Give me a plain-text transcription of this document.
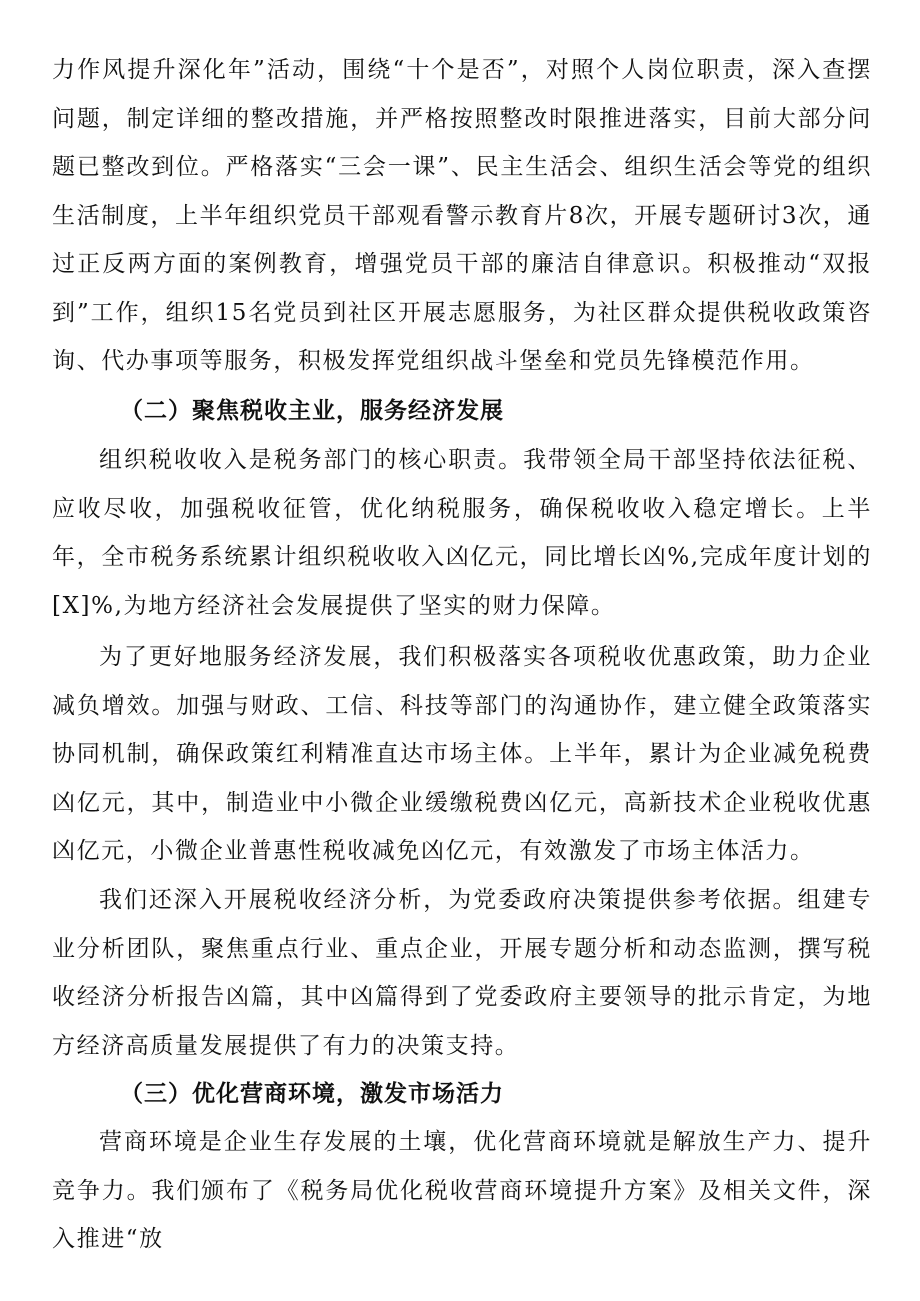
力作风提升深化年”活动，围绕“十个是否”，对照个人岗位职责，深入查摆问题，制定详细的整改措施，并严格按照整改时限推进落实，目前大部分问题已整改到位。严格落实“三会一课”、民主生活会、组织生活会等党的组织生活制度，上半年组织党员干部观看警示教育片8次，开展专题研讨3次，通过正反两方面的案例教育，增强党员干部的廉洁自律意识。积极推动“双报到”工作，组织15名党员到社区开展志愿服务，为社区群众提供税收政策咨询、代办事项等服务，积极发挥党组织战斗堡垒和党员先锋模范作用。

（二）聚焦税收主业，服务经济发展

组织税收收入是税务部门的核心职责。我带领全局干部坚持依法征税、应收尽收，加强税收征管，优化纳税服务，确保税收收入稳定增长。上半年，全市税务系统累计组织税收收入凶亿元，同比增长凶%,完成年度计划的[X]%,为地方经济社会发展提供了坚实的财力保障。

为了更好地服务经济发展，我们积极落实各项税收优惠政策，助力企业减负增效。加强与财政、工信、科技等部门的沟通协作，建立健全政策落实协同机制，确保政策红利精准直达市场主体。上半年，累计为企业减免税费凶亿元，其中，制造业中小微企业缓缴税费凶亿元，高新技术企业税收优惠凶亿元，小微企业普惠性税收减免凶亿元，有效激发了市场主体活力。

我们还深入开展税收经济分析，为党委政府决策提供参考依据。组建专业分析团队，聚焦重点行业、重点企业，开展专题分析和动态监测，撰写税收经济分析报告凶篇，其中凶篇得到了党委政府主要领导的批示肯定，为地方经济高质量发展提供了有力的决策支持。

（三）优化营商环境，激发市场活力

营商环境是企业生存发展的土壤，优化营商环境就是解放生产力、提升竞争力。我们颁布了《税务局优化税收营商环境提升方案》及相关文件，深入推进“放
